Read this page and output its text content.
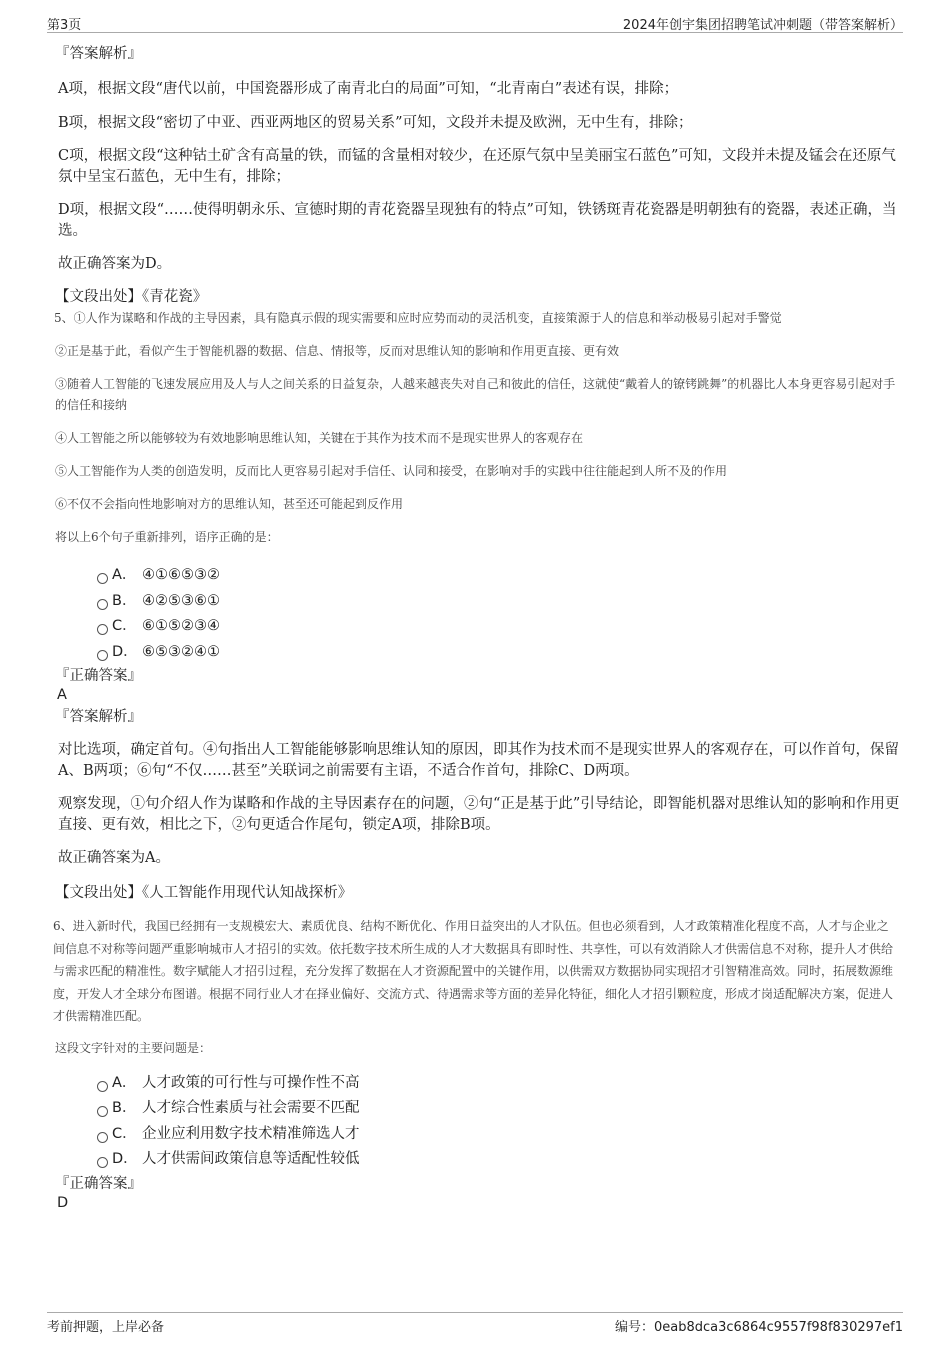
第3页	2024年创宇集团招聘笔试冲刺题（带答案解析）
『答案解析』

A项，根据文段“唐代以前，中国瓷器形成了南青北白的局面”可知，“北青南白”表述有误，排除；

B项，根据文段“密切了中亚、西亚两地区的贸易关系”可知，文段并未提及欧洲，无中生有，排除；

C项，根据文段“这种钴土矿含有高量的铁，而锰的含量相对较少，在还原气氛中呈美丽宝石蓝色”可知，文段并未提及锰会在还原气氛中呈宝石蓝色，无中生有，排除；

D项，根据文段“……使得明朝永乐、宣德时期的青花瓷器呈现独有的特点”可知，铁锈斑青花瓷器是明朝独有的瓷器，表述正确，当选。

故正确答案为D。

【文段出处】《青花瓷》

5、①人作为谋略和作战的主导因素，具有隐真示假的现实需要和应时应势而动的灵活机变，直接策源于人的信息和举动极易引起对手警觉

②正是基于此，看似产生于智能机器的数据、信息、情报等，反而对思维认知的影响和作用更直接、更有效

③随着人工智能的飞速发展应用及人与人之间关系的日益复杂，人越来越丧失对自己和彼此的信任，这就使“戴着人的镣铐跳舞”的机器比人本身更容易引起对手的信任和接纳

④人工智能之所以能够较为有效地影响思维认知，关键在于其作为技术而不是现实世界人的客观存在

⑤人工智能作为人类的创造发明，反而比人更容易引起对手信任、认同和接受，在影响对手的实践中往往能起到人所不及的作用

⑥不仅不会指向性地影响对方的思维认知，甚至还可能起到反作用

将以上6个句子重新排列，语序正确的是：

A． ④①⑥⑤③②
B． ④②⑤③⑥①
C． ⑥①⑤②③④
D． ⑥⑤③②④①
『正确答案』
A
『答案解析』

对比选项，确定首句。④句指出人工智能能够影响思维认知的原因，即其作为技术而不是现实世界人的客观存在，可以作首句，保留A、B两项；⑥句“不仅……甚至”关联词之前需要有主语，不适合作首句，排除C、D两项。

观察发现，①句介绍人作为谋略和作战的主导因素存在的问题，②句“正是基于此”引导结论，即智能机器对思维认知的影响和作用更直接、更有效，相比之下，②句更适合作尾句，锁定A项，排除B项。

故正确答案为A。

【文段出处】《人工智能作用现代认知战探析》

6、进入新时代，我国已经拥有一支规模宏大、素质优良、结构不断优化、作用日益突出的人才队伍。但也必须看到，人才政策精准化程度不高，人才与企业之间信息不对称等问题严重影响城市人才招引的实效。依托数字技术所生成的人才大数据具有即时性、共享性，可以有效消除人才供需信息不对称，提升人才供给与需求匹配的精准性。数字赋能人才招引过程，充分发挥了数据在人才资源配置中的关键作用，以供需双方数据协同实现招才引智精准高效。同时，拓展数源维度，开发人才全球分布图谱。根据不同行业人才在择业偏好、交流方式、待遇需求等方面的差异化特征，细化人才招引颗粒度，形成才岗适配解决方案，促进人才供需精准匹配。

这段文字针对的主要问题是：

A． 人才政策的可行性与可操作性不高
B． 人才综合性素质与社会需要不匹配
C． 企业应利用数字技术精准筛选人才
D． 人才供需间政策信息等适配性较低
『正确答案』
D
考前押题，上岸必备	编号：0eab8dca3c6864c9557f98f830297ef1
